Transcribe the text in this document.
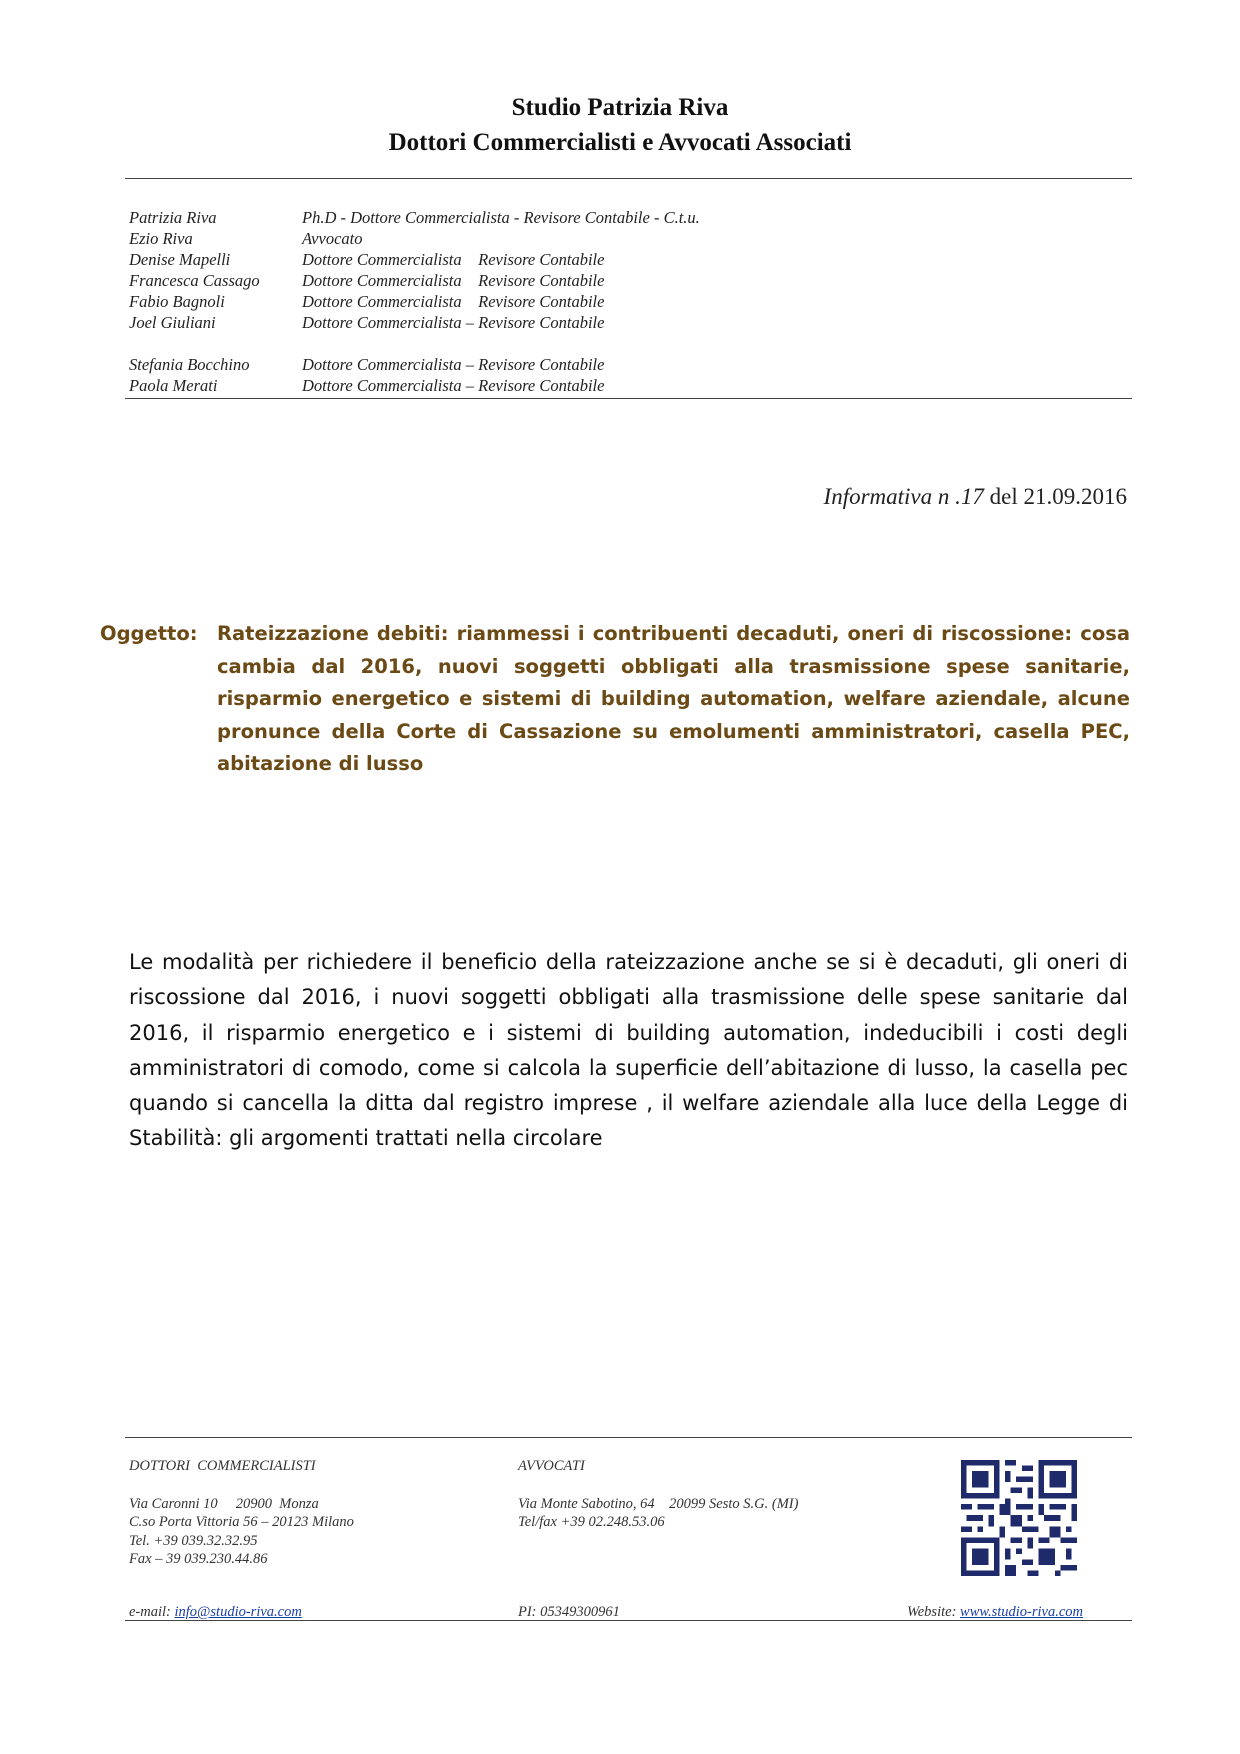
Studio Patrizia Riva
Dottori Commercialisti e Avvocati Associati
Patrizia Riva	Ph.D - Dottore Commercialista - Revisore Contabile - C.t.u.
Ezio Riva	Avvocato
Denise Mapelli	Dottore Commercialista    Revisore Contabile
Francesca Cassago	Dottore Commercialista    Revisore Contabile
Fabio Bagnoli	Dottore Commercialista    Revisore Contabile
Joel Giuliani	Dottore Commercialista – Revisore Contabile
Stefania Bocchino	Dottore Commercialista – Revisore Contabile
Paola Merati	Dottore Commercialista – Revisore Contabile
Informativa n .17 del 21.09.2016
Oggetto: Rateizzazione debiti: riammessi i contribuenti decaduti, oneri di riscossione: cosa cambia dal 2016, nuovi soggetti obbligati alla trasmissione spese sanitarie, risparmio energetico e sistemi di building automation, welfare aziendale, alcune pronunce della Corte di Cassazione su emolumenti amministratori, casella PEC, abitazione di lusso
Le modalità per richiedere il beneficio della rateizzazione anche se si è decaduti, gli oneri di riscossione dal 2016, i nuovi soggetti obbligati alla trasmissione delle spese sanitarie dal 2016, il risparmio energetico e i sistemi di building automation, indeducibili i costi degli amministratori di comodo, come si calcola la superficie dell’abitazione di lusso, la casella pec quando si cancella la ditta dal registro imprese , il welfare aziendale alla luce della Legge di Stabilità: gli argomenti trattati nella circolare
DOTTORI  COMMERCIALISTI
Via Caronni 10     20900  Monza
C.so Porta Vittoria 56 – 20123 Milano
Tel. +39 039.32.32.95
Fax – 39 039.230.44.86
AVVOCATI
Via Monte Sabotino, 64    20099 Sesto S.G. (MI)
Tel/fax +39 02.248.53.06
e-mail: info@studio-riva.com	PI: 05349300961	Website: www.studio-riva.com
